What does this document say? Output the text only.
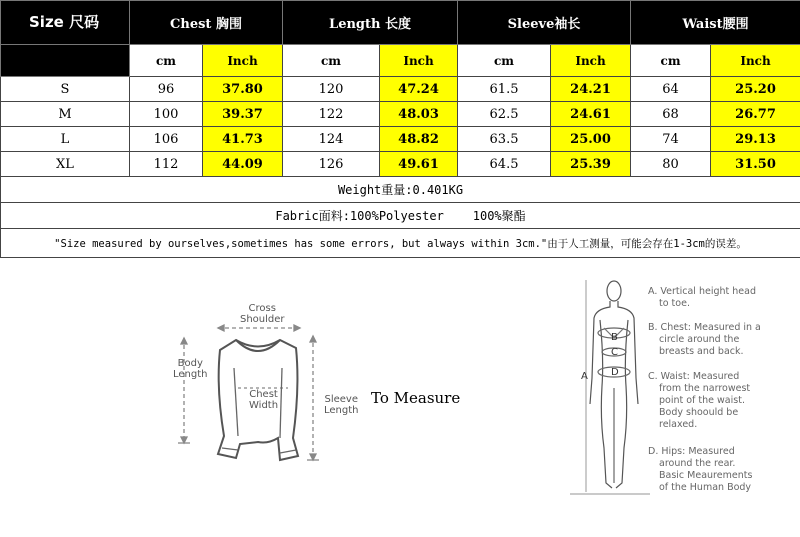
Size 尺码	Chest 胸围		Length 长度		Sleeve袖长		Waist腰围	
	cm	Inch	cm	Inch	cm	Inch	cm	Inch
S	96	37.80	120	47.24	61.5	24.21	64	25.20
M	100	39.37	122	48.03	62.5	24.61	68	26.77
L	106	41.73	124	48.82	63.5	25.00	74	29.13
XL	112	44.09	126	49.61	64.5	25.39	80	31.50
Weight重量:0.401KG								
Fabric面料:100%Polyester    100%聚酯								
"Size measured by ourselves,sometimes has some errors, but always within 3cm."由于人工测量，可能会存在1-3cm的误差。								
Cross
Shoulder
Body
Length
Chest
Width
Sleeve
Length
To Measure
A
B
C
D
A. Vertical height head
to toe.
B. Chest: Measured in a
circle around the
breasts and back.
C. Waist: Measured
from the narrowest
point of the waist.
Body shoould be
relaxed.
D. Hips: Measured
around the rear.
Basic Meaurements
of the Human Body
